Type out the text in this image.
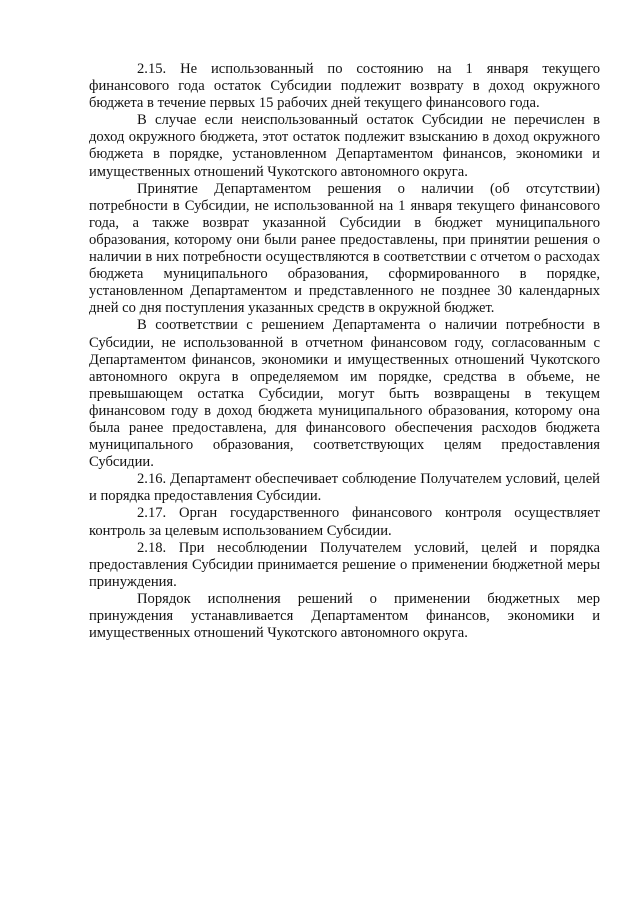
2.15. Не использованный по состоянию на 1 января текущего финансового года остаток Субсидии подлежит возврату в доход окружного бюджета в течение первых 15 рабочих дней текущего финансового года.

В случае если неиспользованный остаток Субсидии не перечислен в доход окружного бюджета, этот остаток подлежит взысканию в доход окружного бюджета в порядке, установленном Департаментом финансов, экономики и имущественных отношений Чукотского автономного округа.

Принятие Департаментом решения о наличии (об отсутствии) потребности в Субсидии, не использованной на 1 января текущего финансового года, а также возврат указанной Субсидии в бюджет муниципального образования, которому они были ранее предоставлены, при принятии решения о наличии в них потребности осуществляются в соответствии с отчетом о расходах бюджета муниципального образования, сформированного в порядке, установленном Департаментом и представленного не позднее 30 календарных дней со дня поступления указанных средств в окружной бюджет.

В соответствии с решением Департамента о наличии потребности в Субсидии, не использованной в отчетном финансовом году, согласованным с Департаментом финансов, экономики и имущественных отношений Чукотского автономного округа в определяемом им порядке, средства в объеме, не превышающем остатка Субсидии, могут быть возвращены в текущем финансовом году в доход бюджета муниципального образования, которому она была ранее предоставлена, для финансового обеспечения расходов бюджета муниципального образования, соответствующих целям предоставления Субсидии.

2.16. Департамент обеспечивает соблюдение Получателем условий, целей и порядка предоставления Субсидии.

2.17. Орган государственного финансового контроля осуществляет контроль за целевым использованием Субсидии.

2.18. При несоблюдении Получателем условий, целей и порядка предоставления Субсидии принимается решение о применении бюджетной меры принуждения.

Порядок исполнения решений о применении бюджетных мер принуждения устанавливается Департаментом финансов, экономики и имущественных отношений Чукотского автономного округа.
